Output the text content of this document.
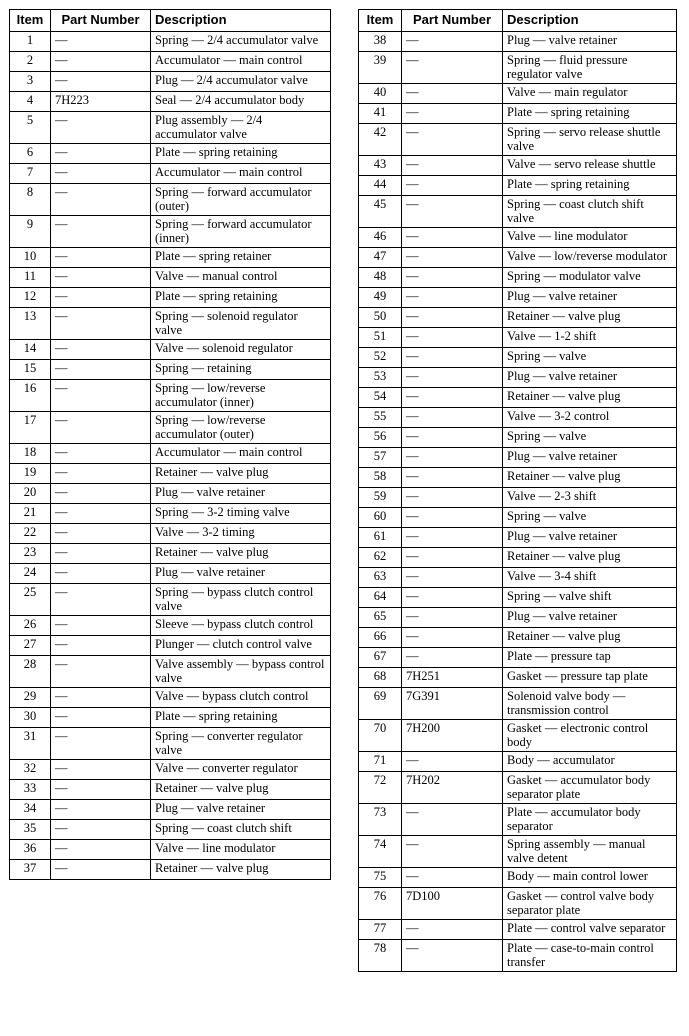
Item	Part Number	Description
1	—	Spring — 2/4 accumulator valve
2	—	Accumulator — main control
3	—	Plug — 2/4 accumulator valve
4	7H223	Seal — 2/4 accumulator body
5	—	Plug assembly — 2/4 accumulator valve
6	—	Plate — spring retaining
7	—	Accumulator — main control
8	—	Spring — forward accumulator (outer)
9	—	Spring — forward accumulator (inner)
10	—	Plate — spring retainer
11	—	Valve — manual control
12	—	Plate — spring retaining
13	—	Spring — solenoid regulator valve
14	—	Valve — solenoid regulator
15	—	Spring — retaining
16	—	Spring — low/reverse accumulator (inner)
17	—	Spring — low/reverse accumulator (outer)
18	—	Accumulator — main control
19	—	Retainer — valve plug
20	—	Plug — valve retainer
21	—	Spring — 3-2 timing valve
22	—	Valve — 3-2 timing
23	—	Retainer — valve plug
24	—	Plug — valve retainer
25	—	Spring — bypass clutch control valve
26	—	Sleeve — bypass clutch control
27	—	Plunger — clutch control valve
28	—	Valve assembly — bypass control valve
29	—	Valve — bypass clutch control
30	—	Plate — spring retaining
31	—	Spring — converter regulator valve
32	—	Valve — converter regulator
33	—	Retainer — valve plug
34	—	Plug — valve retainer
35	—	Spring — coast clutch shift
36	—	Valve — line modulator
37	—	Retainer — valve plug
Item	Part Number	Description
38	—	Plug — valve retainer
39	—	Spring — fluid pressure regulator valve
40	—	Valve — main regulator
41	—	Plate — spring retaining
42	—	Spring — servo release shuttle valve
43	—	Valve — servo release shuttle
44	—	Plate — spring retaining
45	—	Spring — coast clutch shift valve
46	—	Valve — line modulator
47	—	Valve — low/reverse modulator
48	—	Spring — modulator valve
49	—	Plug — valve retainer
50	—	Retainer — valve plug
51	—	Valve — 1-2 shift
52	—	Spring — valve
53	—	Plug — valve retainer
54	—	Retainer — valve plug
55	—	Valve — 3-2 control
56	—	Spring — valve
57	—	Plug — valve retainer
58	—	Retainer — valve plug
59	—	Valve — 2-3 shift
60	—	Spring — valve
61	—	Plug — valve retainer
62	—	Retainer — valve plug
63	—	Valve — 3-4 shift
64	—	Spring — valve shift
65	—	Plug — valve retainer
66	—	Retainer — valve plug
67	—	Plate — pressure tap
68	7H251	Gasket — pressure tap plate
69	7G391	Solenoid valve body — transmission control
70	7H200	Gasket — electronic control body
71	—	Body — accumulator
72	7H202	Gasket — accumulator body separator plate
73	—	Plate — accumulator body separator
74	—	Spring assembly — manual valve detent
75	—	Body — main control lower
76	7D100	Gasket — control valve body separator plate
77	—	Plate — control valve separator
78	—	Plate — case-to-main control transfer
